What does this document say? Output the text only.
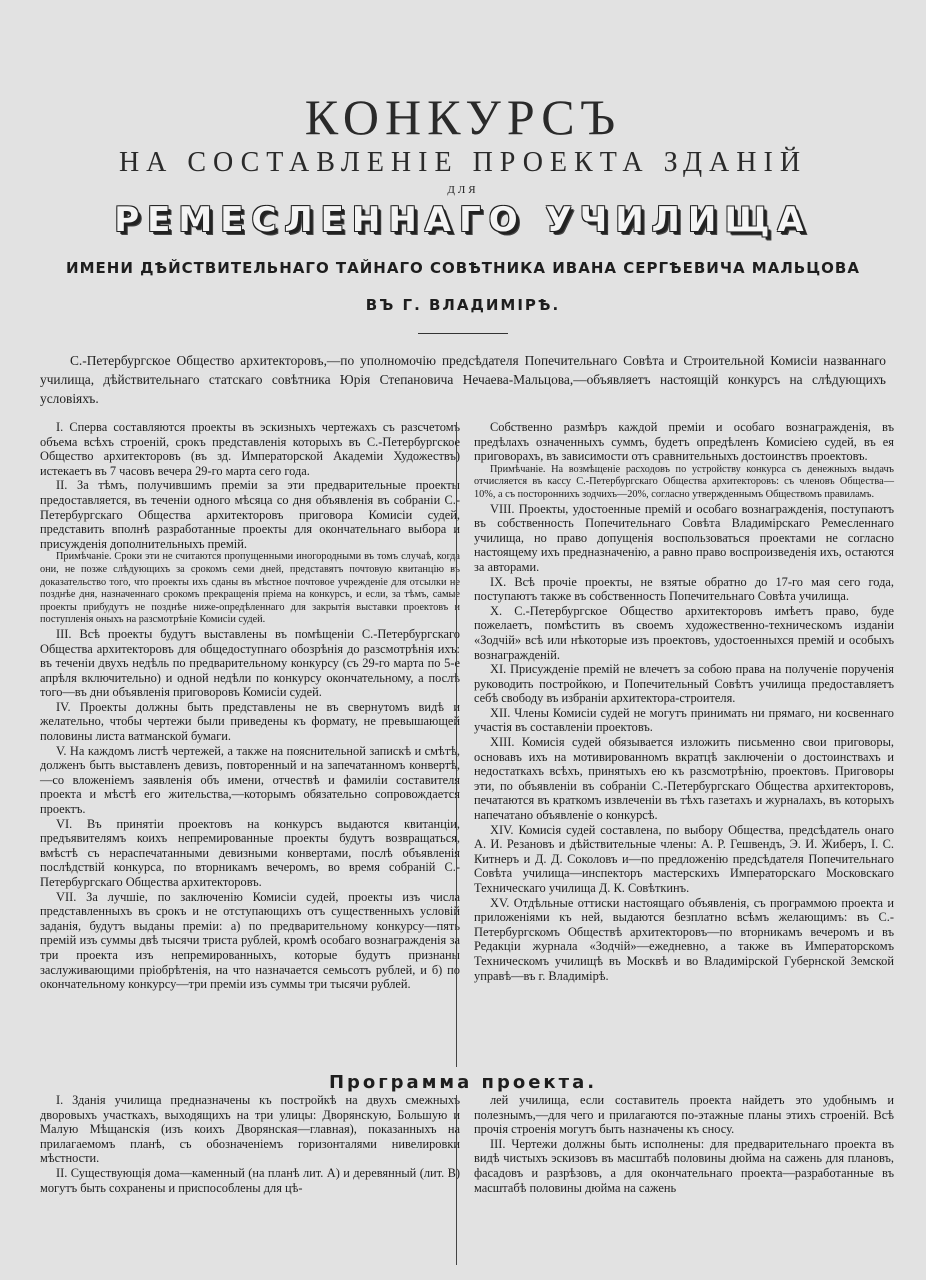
КОНКУРСЪ
НА СОСТАВЛЕНІЕ ПРОЕКТА ЗДАНІЙ
ДЛЯ
РЕМЕСЛЕННАГО УЧИЛИЩА
ИМЕНИ ДѢЙСТВИТЕЛЬНАГО ТАЙНАГО СОВѢТНИКА ИВАНА СЕРГѢЕВИЧА МАЛЬЦОВА
ВЪ Г. ВЛАДИМІРѢ.
С.-Петербургское Общество архитекторовъ,—по уполномочію предсѣдателя Попечительнаго Совѣта и Строительной Комисіи названнаго училища, дѣйствительнаго статскаго совѣтника Юрія Степановича Нечаева-Мальцова,—объявляетъ настоящій конкурсъ на слѣдующихъ условіяхъ.

I. Сперва составляются проекты въ эскизныхъ чертежахъ съ разсчетомъ объема всѣхъ строеній, срокъ представленія которыхъ въ С.-Петербургское Общество архитекторовъ (въ зд. Императорской Академіи Художествъ) истекаетъ въ 7 часовъ вечера 29-го марта сего года.

II. За тѣмъ, получившимъ преміи за эти предварительные проекты предоставляется, въ теченіи одного мѣсяца со дня объявленія въ собраніи С.-Петербургскаго Общества архитекторовъ приговора Комисіи судей, представить вполнѣ разработанные проекты для окончательнаго выбора и присужденія дополнительныхъ премій.

Примѣчаніе. Сроки эти не считаются пропущенными иногородными въ томъ случаѣ, когда они, не позже слѣдующихъ за срокомъ семи дней, представятъ почтовую квитанцію въ доказательство того, что проекты ихъ сданы въ мѣстное почтовое учрежденіе для отсылки не позднѣе дня, назначеннаго срокомъ прекращенія пріема на конкурсъ, и если, за тѣмъ, самые проекты прибудутъ не позднѣе ниже-опредѣленнаго для закрытія выставки проектовъ и поступленія оныхъ на разсмотрѣніе Комисіи судей.

III. Всѣ проекты будутъ выставлены въ помѣщеніи С.-Петербургскаго Общества архитекторовъ для общедоступнаго обозрѣнія до разсмотрѣнія ихъ: въ теченіи двухъ недѣль по предварительному конкурсу (съ 29-го марта по 5-е апрѣля включительно) и одной недѣли по конкурсу окончательному, а послѣ того—въ дни объявленія приговоровъ Комисіи судей.

IV. Проекты должны быть представлены не въ свернутомъ видѣ и желательно, чтобы чертежи были приведены къ формату, не превышающей половины листа ватманской бумаги.

V. На каждомъ листѣ чертежей, а также на пояснительной запискѣ и смѣтѣ, долженъ быть выставленъ девизъ, повторенный и на запечатанномъ конвертѣ,—со вложеніемъ заявленія объ имени, отчествѣ и фамиліи составителя проекта и мѣстѣ его жительства,—которымъ обязательно сопровождается проектъ.

VI. Въ принятіи проектовъ на конкурсъ выдаются квитанціи, предъявителямъ коихъ непремированные проекты будутъ возвращаться, вмѣстѣ съ нераспечатанными девизными конвертами, послѣ объявленія послѣдствій конкурса, по вторникамъ вечеромъ, во время собраній С.-Петербургскаго Общества архитекторовъ.

VII. За лучшіе, по заключенію Комисіи судей, проекты изъ числа представленныхъ въ срокъ и не отступающихъ отъ существенныхъ условій заданія, будутъ выданы преміи: а) по предварительному конкурсу—пять премій изъ суммы двѣ тысячи триста рублей, кромѣ особаго вознагражденія за три проекта изъ непремированныхъ, которые будутъ признаны заслуживающими пріобрѣтенія, на что назначается семьсотъ рублей, и б) по окончательному конкурсу—три преміи изъ суммы три тысячи рублей.

Собственно размѣръ каждой преміи и особаго вознагражденія, въ предѣлахъ означенныхъ суммъ, будетъ опредѣленъ Комисіею судей, въ ея приговорахъ, въ зависимости отъ сравнительныхъ достоинствъ проектовъ.

Примѣчаніе. На возмѣщеніе расходовъ по устройству конкурса съ денежныхъ выдачъ отчисляется въ кассу С.-Петербургскаго Общества архитекторовъ: съ членовъ Общества—10%, а съ постороннихъ зодчихъ—20%, согласно утвержденнымъ Обществомъ правиламъ.

VIII. Проекты, удостоенные премій и особаго вознагражденія, поступаютъ въ собственность Попечительнаго Совѣта Владимірскаго Ремесленнаго училища, но право допущенія воспользоваться проектами не согласно настоящему ихъ предназначенію, а равно право воспроизведенія ихъ, остаются за авторами.

IX. Всѣ прочіе проекты, не взятые обратно до 17-го мая сего года, поступаютъ также въ собственность Попечительнаго Совѣта училища.

X. С.-Петербургское Общество архитекторовъ имѣетъ право, буде пожелаетъ, помѣстить въ своемъ художественно-техническомъ изданіи «Зодчій» всѣ или нѣкоторые изъ проектовъ, удостоенныхся премій и особыхъ вознагражденій.

XI. Присужденіе премій не влечетъ за собою права на полученіе порученія руководить постройкою, и Попечительный Совѣтъ училища предоставляетъ себѣ свободу въ избраніи архитектора-строителя.

XII. Члены Комисіи судей не могутъ принимать ни прямаго, ни косвеннаго участія въ составленіи проектовъ.

XIII. Комисія судей обязывается изложить письменно свои приговоры, основавъ ихъ на мотивированномъ вкратцѣ заключеніи о достоинствахъ и недостаткахъ всѣхъ, принятыхъ ею къ разсмотрѣнію, проектовъ. Приговоры эти, по объявленіи въ собраніи С.-Петербургскаго Общества архитекторовъ, печатаются въ краткомъ извлеченіи въ тѣхъ газетахъ и журналахъ, въ которыхъ напечатано объявленіе о конкурсѣ.

XIV. Комисія судей составлена, по выбору Общества, предсѣдатель онаго А. И. Резановъ и дѣйствительные члены: А. Р. Гешвендъ, Э. И. Жиберъ, I. С. Китнеръ и Д. Д. Соколовъ и—по предложенію предсѣдателя Попечительнаго Совѣта училища—инспекторъ мастерскихъ Императорскаго Московскаго Техническаго училища Д. К. Совѣткинъ.

XV. Отдѣльные оттиски настоящаго объявленія, съ программою проекта и приложеніями къ ней, выдаются безплатно всѣмъ желающимъ: въ С.-Петербургскомъ Обществѣ архитекторовъ—по вторникамъ вечеромъ и въ Редакціи журнала «Зодчій»—ежедневно, а также въ Императорскомъ Техническомъ училищѣ въ Москвѣ и во Владимірской Губернской Земской управѣ—въ г. Владимірѣ.

Программа проекта.

I. Зданія училища предназначены къ постройкѣ на двухъ смежныхъ дворовыхъ участкахъ, выходящихъ на три улицы: Дворянскую, Большую и Малую Мѣщанскія (изъ коихъ Дворянская—главная), показанныхъ на прилагаемомъ планѣ, съ обозначеніемъ горизонталями нивелировки мѣстности.

II. Существующія дома—каменный (на планѣ лит. А) и деревянный (лит. В) могутъ быть сохранены и приспособлены для цѣ-

лей училища, если составитель проекта найдетъ это удобнымъ и полезнымъ,—для чего и прилагаются по-этажные планы этихъ строеній. Всѣ прочія строенія могутъ быть назначены къ сносу.

III. Чертежи должны быть исполнены: для предварительнаго проекта въ видѣ чистыхъ эскизовъ въ масштабѣ половины дюйма на сажень для плановъ, фасадовъ и разрѣзовъ, а для окончательнаго проекта—разработанные въ масштабѣ половины дюйма на сажень
